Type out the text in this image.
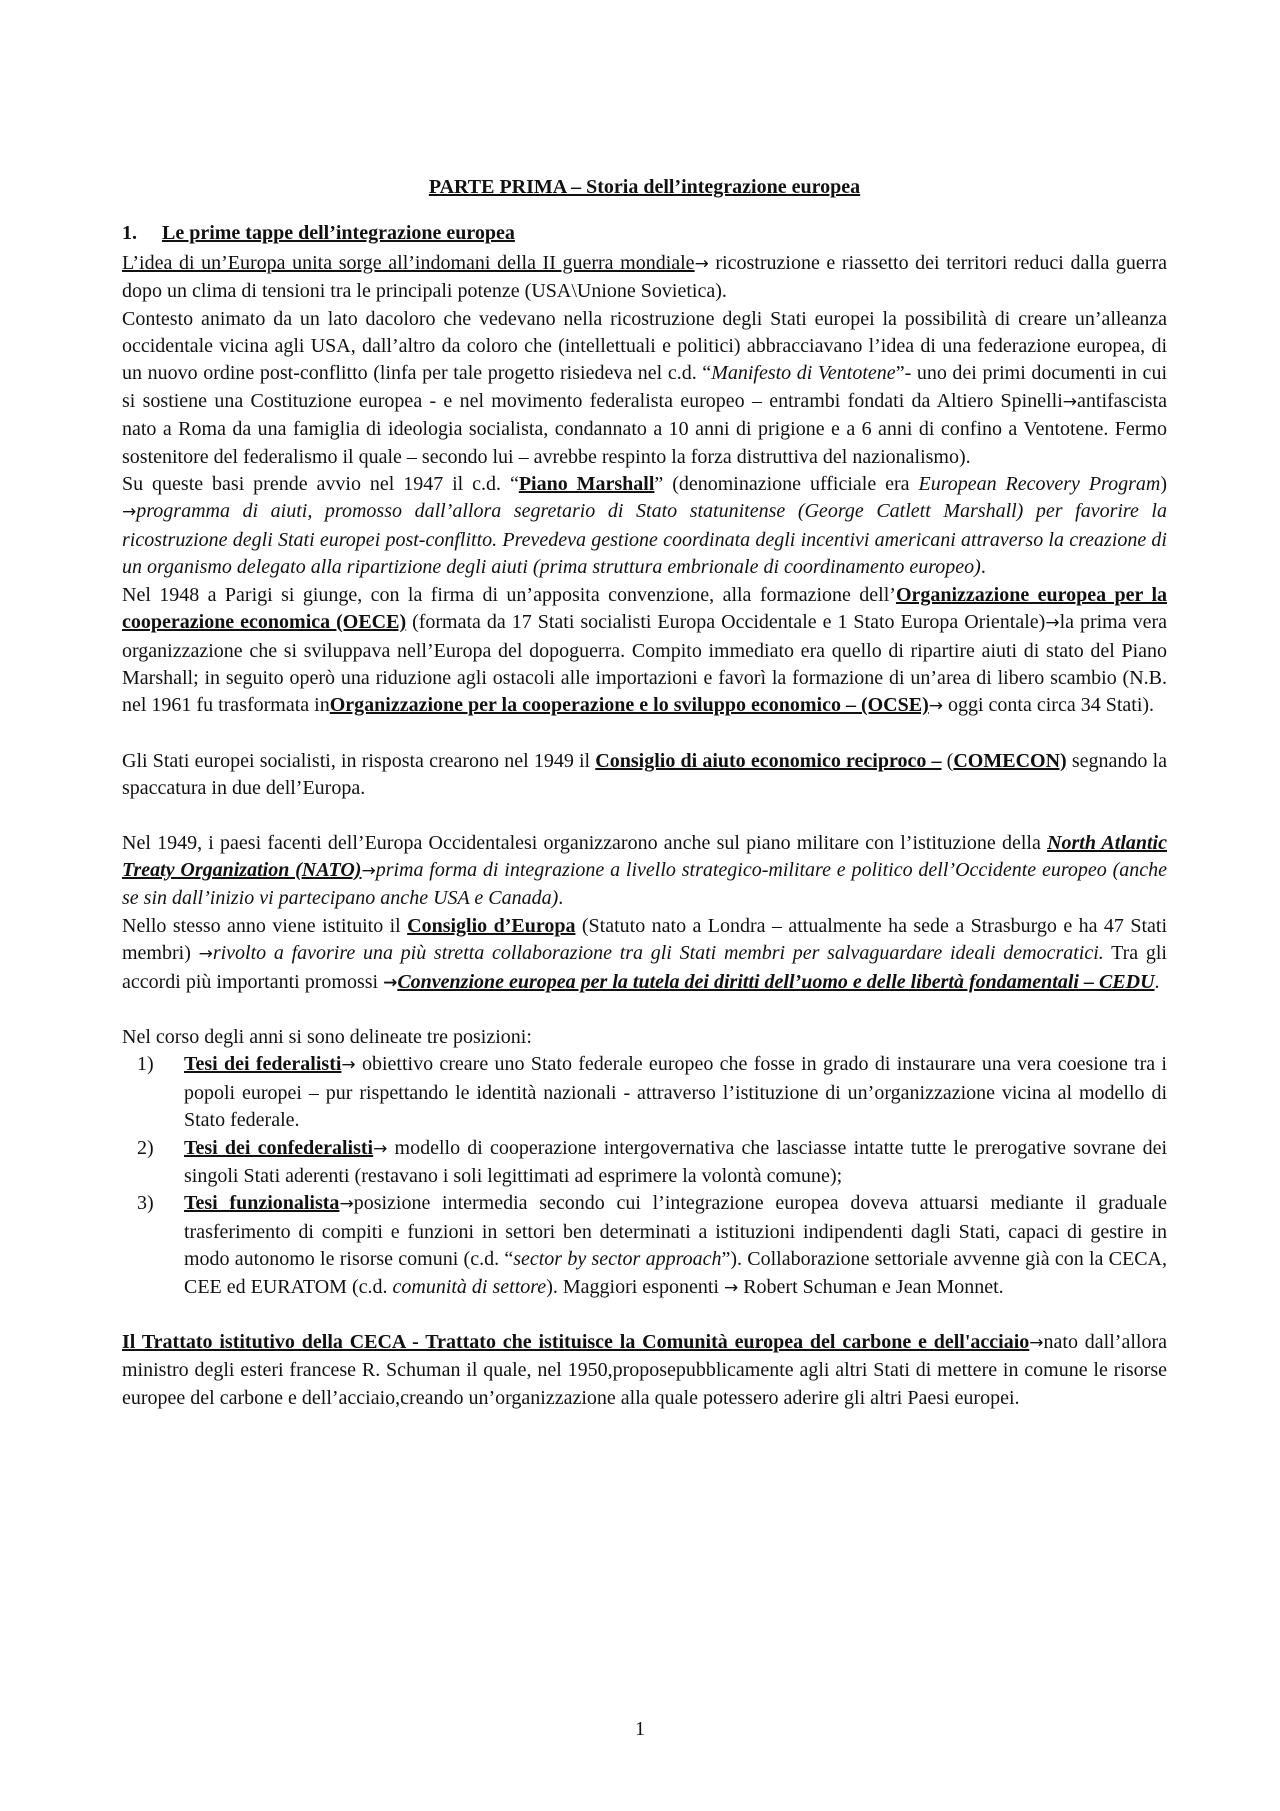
PARTE PRIMA – Storia dell’integrazione europea
1. Le prime tappe dell’integrazione europea

L’idea di un’Europa unita sorge all’indomani della II guerra mondiale→ ricostruzione e riassetto dei territori reduci dalla guerra dopo un clima di tensioni tra le principali potenze (USA\Unione Sovietica).

Contesto animato da un lato dacoloro che vedevano nella ricostruzione degli Stati europei la possibilità di creare un’alleanza occidentale vicina agli USA, dall’altro da coloro che (intellettuali e politici) abbracciavano l’idea di una federazione europea, di un nuovo ordine post-conflitto (linfa per tale progetto risiedeva nel c.d. “Manifesto di Ventotene”- uno dei primi documenti in cui si sostiene una Costituzione europea - e nel movimento federalista europeo – entrambi fondati da Altiero Spinelli→antifascista nato a Roma da una famiglia di ideologia socialista, condannato a 10 anni di prigione e a 6 anni di confino a Ventotene. Fermo sostenitore del federalismo il quale – secondo lui – avrebbe respinto la forza distruttiva del nazionalismo).

Su queste basi prende avvio nel 1947 il c.d. “Piano Marshall” (denominazione ufficiale era European Recovery Program) →programma di aiuti, promosso dall’allora segretario di Stato statunitense (George Catlett Marshall) per favorire la ricostruzione degli Stati europei post-conflitto. Prevedeva gestione coordinata degli incentivi americani attraverso la creazione di un organismo delegato alla ripartizione degli aiuti (prima struttura embrionale di coordinamento europeo).

Nel 1948 a Parigi si giunge, con la firma di un’apposita convenzione, alla formazione dell’Organizzazione europea per la cooperazione economica (OECE) (formata da 17 Stati socialisti Europa Occidentale e 1 Stato Europa Orientale)→la prima vera organizzazione che si sviluppava nell’Europa del dopoguerra. Compito immediato era quello di ripartire aiuti di stato del Piano Marshall; in seguito operò una riduzione agli ostacoli alle importazioni e favorì la formazione di un’area di libero scambio (N.B. nel 1961 fu trasformata inOrganizzazione per la cooperazione e lo sviluppo economico – (OCSE)→ oggi conta circa 34 Stati).

Gli Stati europei socialisti, in risposta crearono nel 1949 il Consiglio di aiuto economico reciproco – (COMECON) segnando la spaccatura in due dell’Europa.

Nel 1949, i paesi facenti dell’Europa Occidentalesi organizzarono anche sul piano militare con l’istituzione della North Atlantic Treaty Organization (NATO)→prima forma di integrazione a livello strategico-militare e politico dell’Occidente europeo (anche se sin dall’inizio vi partecipano anche USA e Canada).

Nello stesso anno viene istituito il Consiglio d’Europa (Statuto nato a Londra – attualmente ha sede a Strasburgo e ha 47 Stati membri) →rivolto a favorire una più stretta collaborazione tra gli Stati membri per salvaguardare ideali democratici. Tra gli accordi più importanti promossi →Convenzione europea per la tutela dei diritti dell’uomo e delle libertà fondamentali – CEDU.

Nel corso degli anni si sono delineate tre posizioni:

1) Tesi dei federalisti→ obiettivo creare uno Stato federale europeo che fosse in grado di instaurare una vera coesione tra i popoli europei – pur rispettando le identità nazionali - attraverso l’istituzione di un’organizzazione vicina al modello di Stato federale.
2) Tesi dei confederalisti→ modello di cooperazione intergovernativa che lasciasse intatte tutte le prerogative sovrane dei singoli Stati aderenti (restavano i soli legittimati ad esprimere la volontà comune);
3) Tesi funzionalista→posizione intermedia secondo cui l’integrazione europea doveva attuarsi mediante il graduale trasferimento di compiti e funzioni in settori ben determinati a istituzioni indipendenti dagli Stati, capaci di gestire in modo autonomo le risorse comuni (c.d. “sector by sector approach”). Collaborazione settoriale avvenne già con la CECA, CEE ed EURATOM (c.d. comunità di settore). Maggiori esponenti → Robert Schuman e Jean Monnet.

Il Trattato istitutivo della CECA - Trattato che istituisce la Comunità europea del carbone e dell'acciaio→nato dall’allora ministro degli esteri francese R. Schuman il quale, nel 1950,proposepubblicamente agli altri Stati di mettere in comune le risorse europee del carbone e dell’acciaio,creando un’organizzazione alla quale potessero aderire gli altri Paesi europei.

1
